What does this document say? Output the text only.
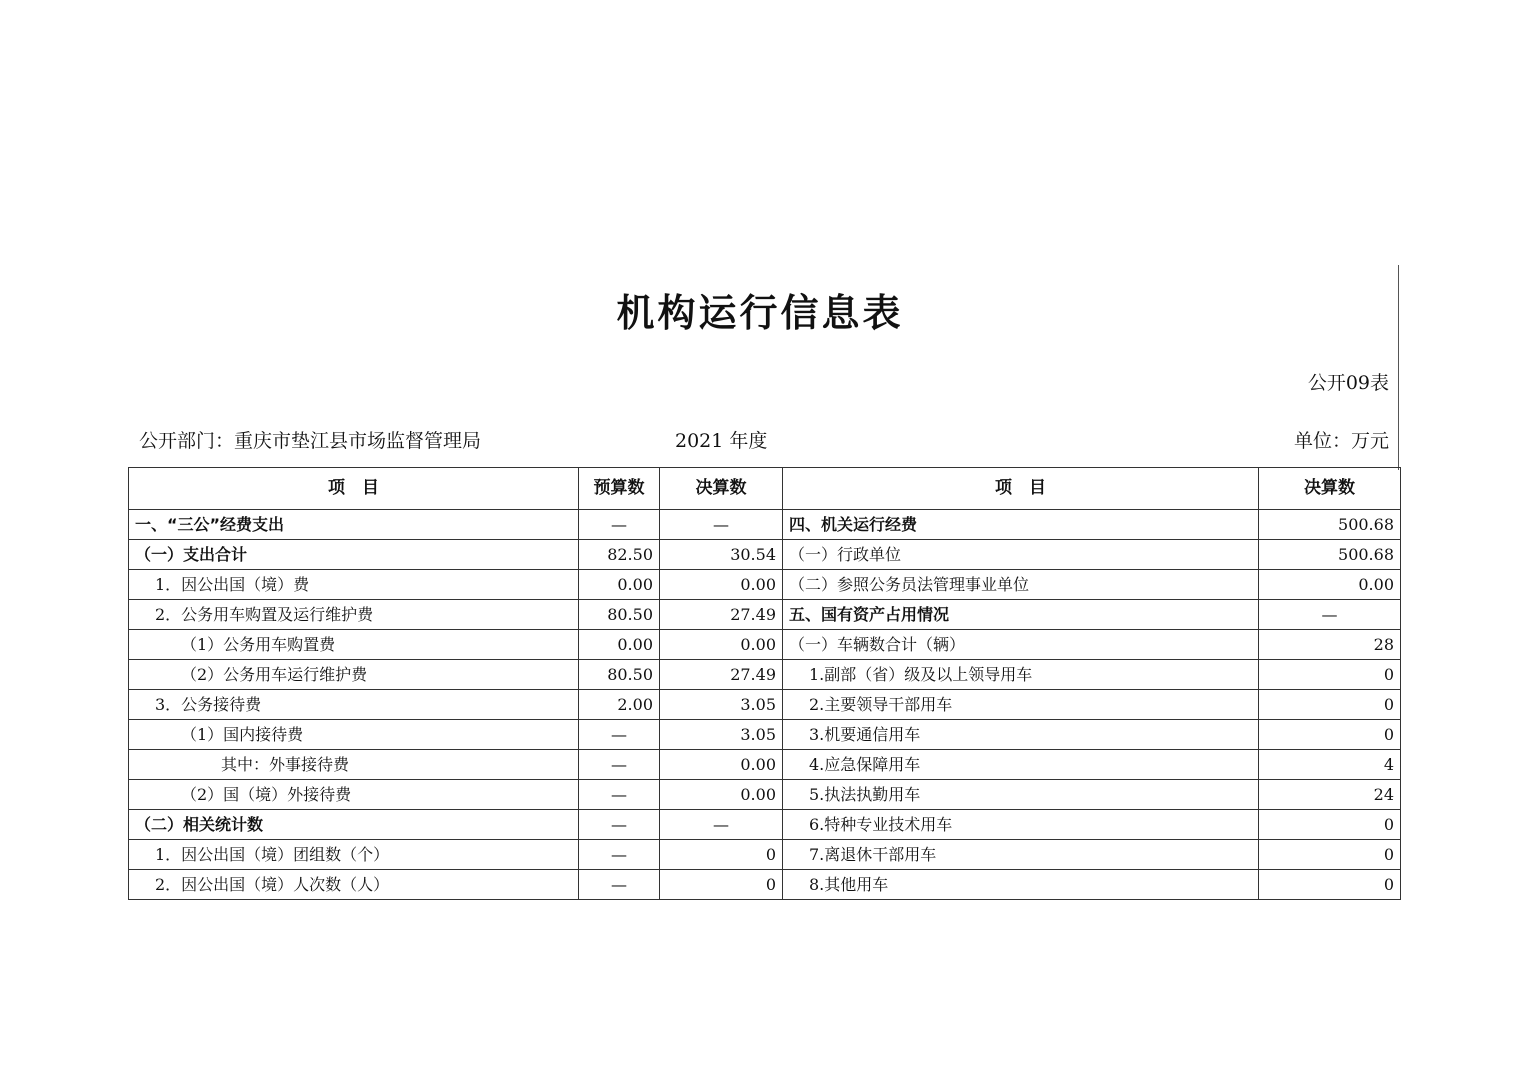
机构运行信息表
公开09表
公开部门：重庆市垫江县市场监督管理局	2021 年度	单位：万元
项　目	预算数	决算数	项　目	决算数
一、“三公”经费支出	—	—	四、机关运行经费	500.68
（一）支出合计	82.50	30.54	（一）行政单位	500.68
1．因公出国（境）费	0.00	0.00	（二）参照公务员法管理事业单位	0.00
2．公务用车购置及运行维护费	80.50	27.49	五、国有资产占用情况	—
（1）公务用车购置费	0.00	0.00	（一）车辆数合计（辆）	28
（2）公务用车运行维护费	80.50	27.49	1.副部（省）级及以上领导用车	0
3．公务接待费	2.00	3.05	2.主要领导干部用车	0
（1）国内接待费	—	3.05	3.机要通信用车	0
其中：外事接待费	—	0.00	4.应急保障用车	4
（2）国（境）外接待费	—	0.00	5.执法执勤用车	24
（二）相关统计数	—	—	6.特种专业技术用车	0
1．因公出国（境）团组数（个）	—	0	7.离退休干部用车	0
2．因公出国（境）人次数（人）	—	0	8.其他用车	0
